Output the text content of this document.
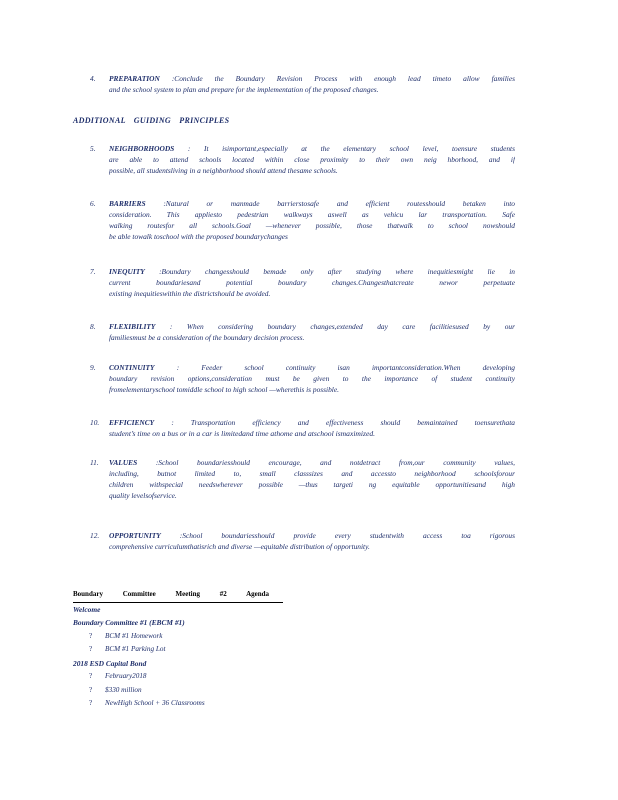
4.	PREPARATION :Conclude the Boundary Revision Process with enough lead timeto allow families
and the school system to plan and prepare for the implementation of the proposed changes.
ADDITIONAL GUIDING PRINCIPLES
5.	NEIGHBORHOODS : It isimportant,especially at the elementary school level, toensure students
are able to attend schools located within close proximity to their own neig hborhood, and if
possible, all studentsliving in a neighborhood should attend thesame schools.
6.	BARRIERS :Natural or manmade barrierstosafe and efficient routesshould betaken into
consideration. This appliesto pedestrian walkways aswell as vehicu lar transportation. Safe
walking routesfor all schools.Goal —whenever possible, those thatwalk to school nowshould
be able towalk toschool with the proposed boundarychanges
7.	INEQUITY :Boundary changesshould bemade only after studying where inequitiesmight lie in
current boundariesand potential boundary changes.Changesthatcreate newor perpetuate
existing inequitieswithin the districtshould be avoided.
8.	FLEXIBILITY : When considering boundary changes,extended day care facilitiesused by our
familiesmust be a consideration of the boundary decision process.
9.	CONTINUITY	: Feeder school continuity isan importantconsideration.When developing
boundary revision options,consideration must be given to the importance of student continuity
fromelementaryschool tomiddle school to high school —wherethis is possible.
10.	EFFICIENCY : Transportation efficiency and effectiveness should bemaintained toensurethata
student’s time on a bus or in a car is limitedand time athome and atschool ismaximized.
11.	VALUES	:School boundariesshould encourage, and notdetract from,our community values,
including, butnot limited to, small classsizes and accessto neighborhood schoolsforour
children withspecial needswherever possible —thus targeti ng equitable opportunitiesand high
quality levelsofservice.
12.	OPPORTUNITY	:School boundariesshould provide every studentwith access toa rigorous
comprehensive curriculumthatisrich and diverse —equitable distribution of opportunity.
Boundary Committee Meeting #2 Agenda
Welcome
Boundary Committee #1 (EBCM #1)
? BCM #1 Homework
? BCM #1 Parking Lot
2018 ESD Capital Bond
? February2018
? $330 million
? NewHigh School + 36 Classrooms
